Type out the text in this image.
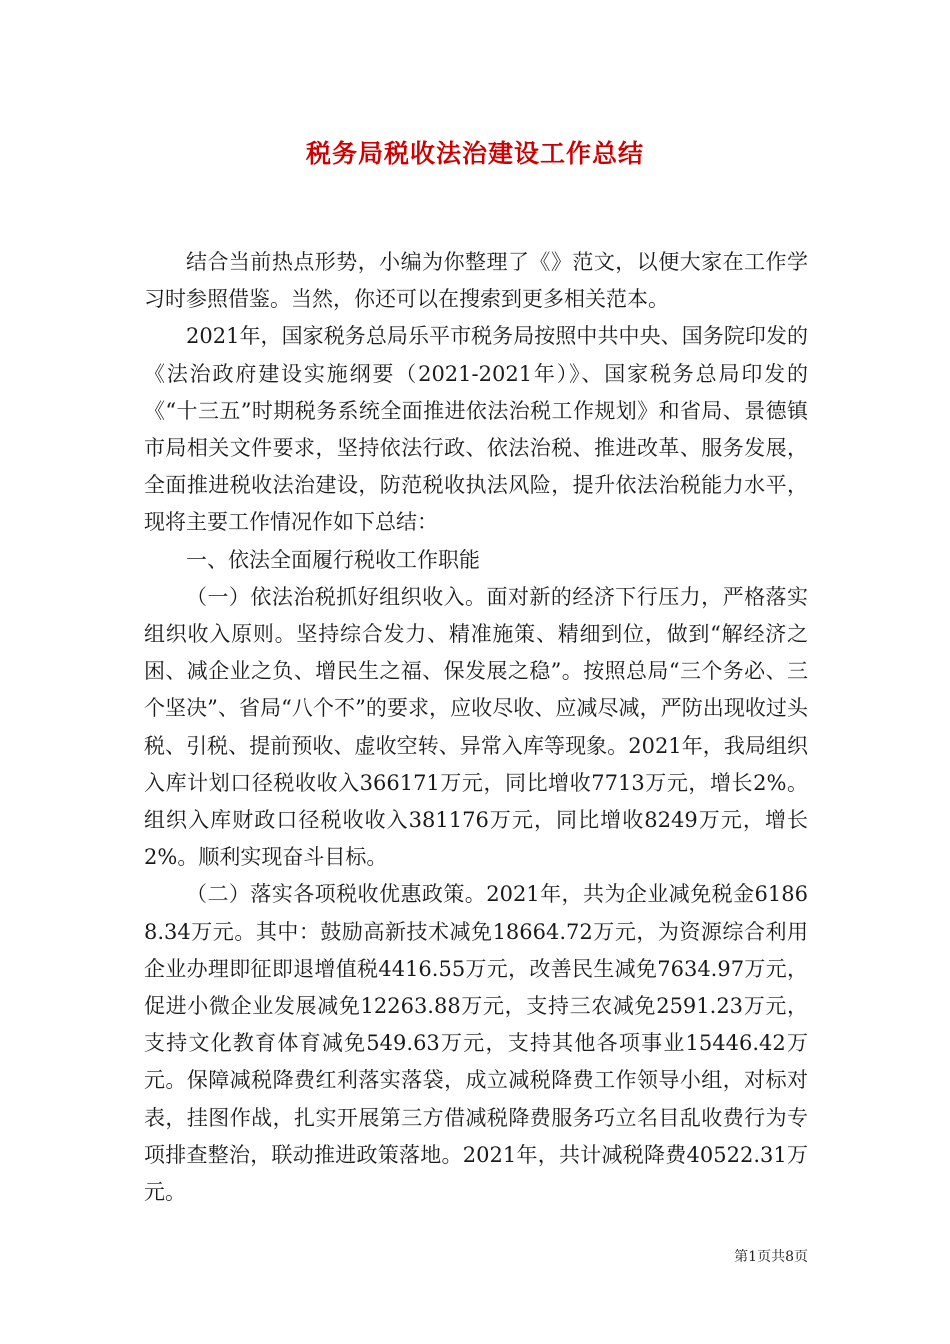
税务局税收法治建设工作总结

结合当前热点形势，小编为你整理了《》范文，以便大家在工作学习时参照借鉴。当然，你还可以在搜索到更多相关范本。

2021年，国家税务总局乐平市税务局按照中共中央、国务院印发的《法治政府建设实施纲要（2021-2021年）》、国家税务总局印发的《“十三五”时期税务系统全面推进依法治税工作规划》和省局、景德镇市局相关文件要求，坚持依法行政、依法治税、推进改革、服务发展，全面推进税收法治建设，防范税收执法风险，提升依法治税能力水平，现将主要工作情况作如下总结：

一、依法全面履行税收工作职能

（一）依法治税抓好组织收入。面对新的经济下行压力，严格落实组织收入原则。坚持综合发力、精准施策、精细到位，做到“解经济之困、减企业之负、增民生之福、保发展之稳”。按照总局“三个务必、三个坚决”、省局“八个不”的要求，应收尽收、应减尽减，严防出现收过头税、引税、提前预收、虚收空转、异常入库等现象。2021年，我局组织入库计划口径税收收入366171万元，同比增收7713万元，增长2%。组织入库财政口径税收收入381176万元，同比增收8249万元，增长2%。顺利实现奋斗目标。

（二）落实各项税收优惠政策。2021年，共为企业减免税金61868.34万元。其中：鼓励高新技术减免18664.72万元，为资源综合利用企业办理即征即退增值税4416.55万元，改善民生减免7634.97万元，促进小微企业发展减免12263.88万元，支持三农减免2591.23万元，支持文化教育体育减免549.63万元，支持其他各项事业15446.42万元。保障减税降费红利落实落袋，成立减税降费工作领导小组，对标对表，挂图作战，扎实开展第三方借减税降费服务巧立名目乱收费行为专项排查整治，联动推进政策落地。2021年，共计减税降费40522.31万元。

第1页共8页
